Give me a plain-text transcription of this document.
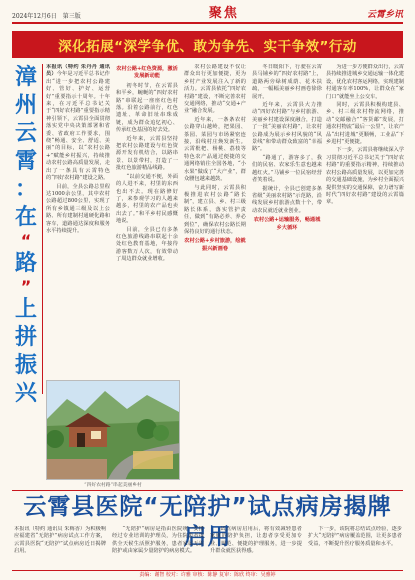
2024年12月6日　第三版	聚焦	云霄乡讯
深化拓展“深学争优、敢为争先、实干争效”行动
漳
州
云
霄
：
在
“
路
”
上
拼
振
兴

本报讯（特约 朱丹丹 通讯员）今年是习近平总书记作出“进一步把农村公路建好、管好、护好、运营好”重要指示十周年。十年来，在习近平总书记关于“四好农村路”重要指示精神引领下，云霄县全面贯彻落实党中央决策部署和省委、省政府工作要求，围绕“畅通、安全、舒适、美丽”的目标，以“农村公路+”赋能乡村振兴，持续推动农村公路高质量发展，走出了一条具有云霄特色的“四好农村路”建设之路。

目前，全县公路总里程达1000余公里，其中农村公路超过800公里，实现了所有乡镇通三级及以上公路、所有建制村通硬化路和客车，道路通达深度和服务水平持续提升。

农村公路+红色资源，激活发展新动能

初冬时节，在云霄县和平乡，蜿蜒的“四好农村路”串联起一座座红色村落。沿着公路前行，红色遗址、革命旧址串珠成链，成为群众追忆初心、传承红色基因的好去处。

近年来，云霄县坚持把农村公路建设与红色资源开发有机结合，以路串景、以景带村，打造了一批红色旅游精品线路。

“以前交通不便，外面的人进不来，村里的东西也出不去。现在路修好了，来参观学习的人越来越多，村里的农产品也卖出去了。”和平乡村民感慨地说。

目前，全县已有多条红色旅游线路串联起十余处红色教育基地，年接待游客数万人次，有效带动了周边群众就业增收。

农村公路建设不仅让群众出行更加便捷，更为乡村产业发展注入了新的活力。云霄县依托“四好农村路”建设，不断完善农村交通网络，推动“交通+产业”融合发展。

近年来，一条条农村公路穿山越岭，把果园、茶园、菜园与市场紧密连接，沿线村庄焕发新生。云霄枇杷、杨桃、荔枝等特色农产品通过便捷的交通网络销往全国各地，“小水果”做成了“大产业”，群众腰包越来越鼓。

与此同时，云霄县积极推进农村公路“路长制”，建立县、乡、村三级路长体系，落实管护责任，做到“有路必养、养必到位”，确保农村公路长期保持良好的通行状态。

农村公路+乡村旅游，绘就振兴新画卷

冬日暖阳下，行驶在云霄县马铺乡的“四好农村路”上，道路两旁绿树成荫、花木扶疏，一幅幅美丽乡村画卷徐徐展开。

近年来，云霄县大力推动“四好农村路”与乡村旅游、美丽乡村建设深度融合，打造了一批“美丽农村路”，让农村公路成为展示乡村风貌的“风景线”和带动群众致富的“幸福路”。

“路通了，游客多了，我们的民宿、农家乐生意也越来越红火。”马铺乡一位民宿经营者笑着说。

据统计，全县已创建多条省级“美丽农村路”示范路，沿线发展乡村旅游点数十个，带动农民就近就业创业。

农村公路+运输服务，畅通城乡大循环

为进一步方便群众出行，云霄县持续推进城乡交通运输一体化建设，优化农村客运网络，实现建制村通客车率100%，让群众在“家门口”就能坐上公交车。

同时，云霄县积极构建县、乡、村三级农村物流网络，推动“交邮融合”“客货邮”发展，打通农村物流“最后一公里”，让农产品“出村进城”更顺畅，工业品“下乡进村”更便捷。

下一步，云霄县将继续深入学习贯彻习近平总书记关于“四好农村路”的重要指示精神，持续推动农村公路高质量发展，以更加完善的交通基础设施，为乡村全面振兴提供坚实的交通保障，奋力谱写新时代“四好农村路”建设的云霄篇章。

“四好农村路”串起美丽乡村
云霄县医院“无陪护”试点病房揭牌启用

本报讯（特约 通讯员 朱梅香）为积极响应福建省“无陪护”病房试点工作方案，云霄县医院“无陪护”试点病房近日揭牌启用。

“无陪护”病房是指由医院统一安排经过专业培训的护理员，为住院患者提供全天候生活照护服务，患者家属无需陪护或由家属少量陪护的病房模式。

试点病房启用后，将有效减轻患者家庭的陪护负担，让患者享受更加专业、规范、便捷的护理服务，进一步提升群众就医获得感。

下一步，该院将总结试点经验，逐步扩大“无陪护”病房覆盖范围，让更多患者受益，不断提升医疗服务质量和水平。

责编：谢智 校对：许雅 审核：陈静 复审：陈欣 终审：吴雅婷
